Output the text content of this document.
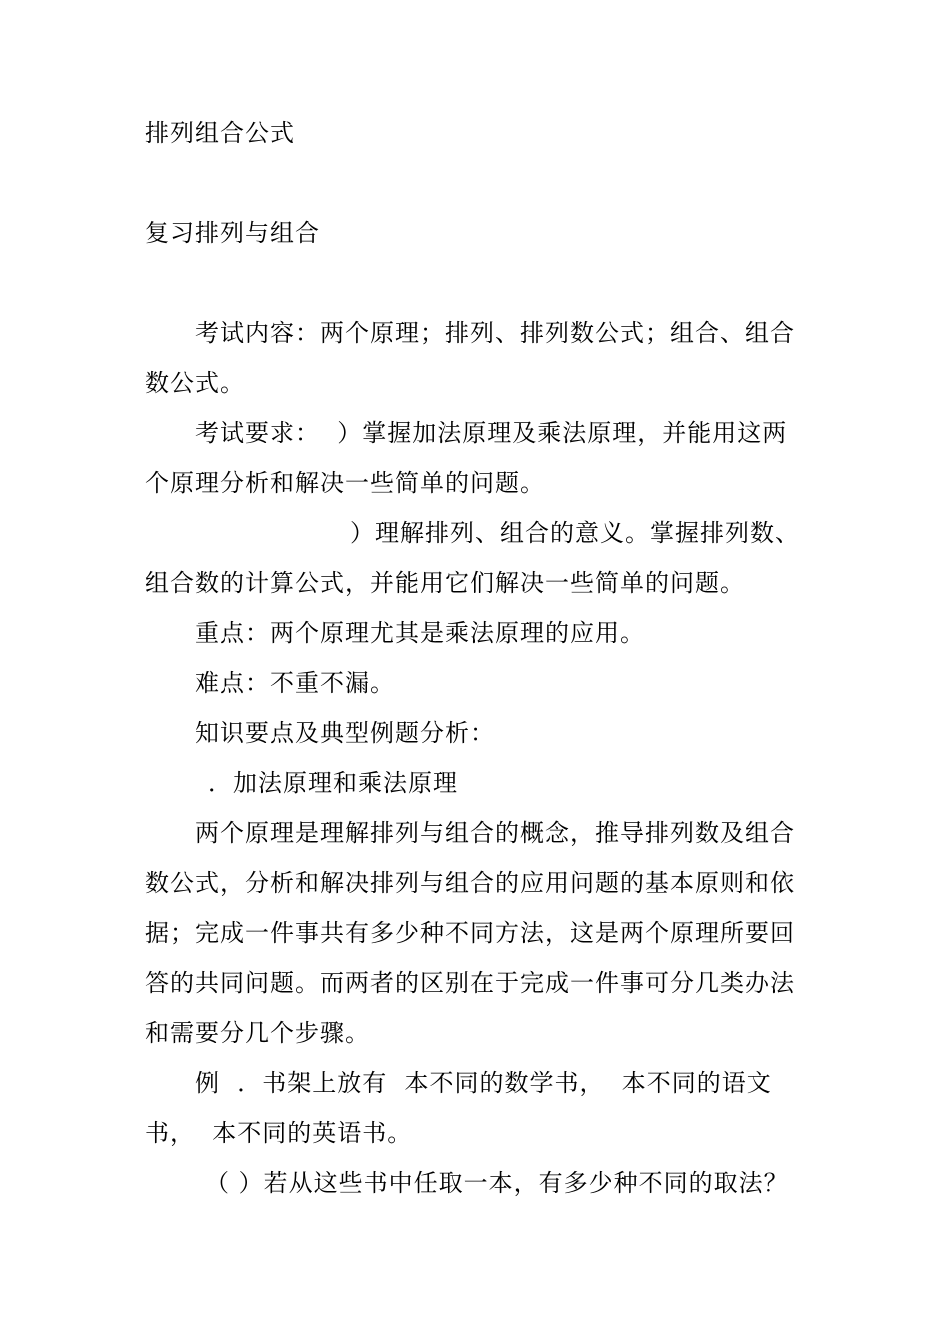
排列组合公式
复习排列与组合
考试内容：两个原理；排列、排列数公式；组合、组合
数公式。
考试要求：  ）掌握加法原理及乘法原理，并能用这两
个原理分析和解决一些简单的问题。
）理解排列、组合的意义。掌握排列数、
组合数的计算公式，并能用它们解决一些简单的问题。
重点：两个原理尤其是乘法原理的应用。
难点：不重不漏。
知识要点及典型例题分析：
．加法原理和乘法原理
两个原理是理解排列与组合的概念，推导排列数及组合
数公式，分析和解决排列与组合的应用问题的基本原则和依
据；完成一件事共有多少种不同方法，这是两个原理所要回
答的共同问题。而两者的区别在于完成一件事可分几类办法
和需要分几个步骤。
例  ．书架上放有  本不同的数学书，  本不同的语文
书，  本不同的英语书。
（ ）若从这些书中任取一本，有多少种不同的取法？
